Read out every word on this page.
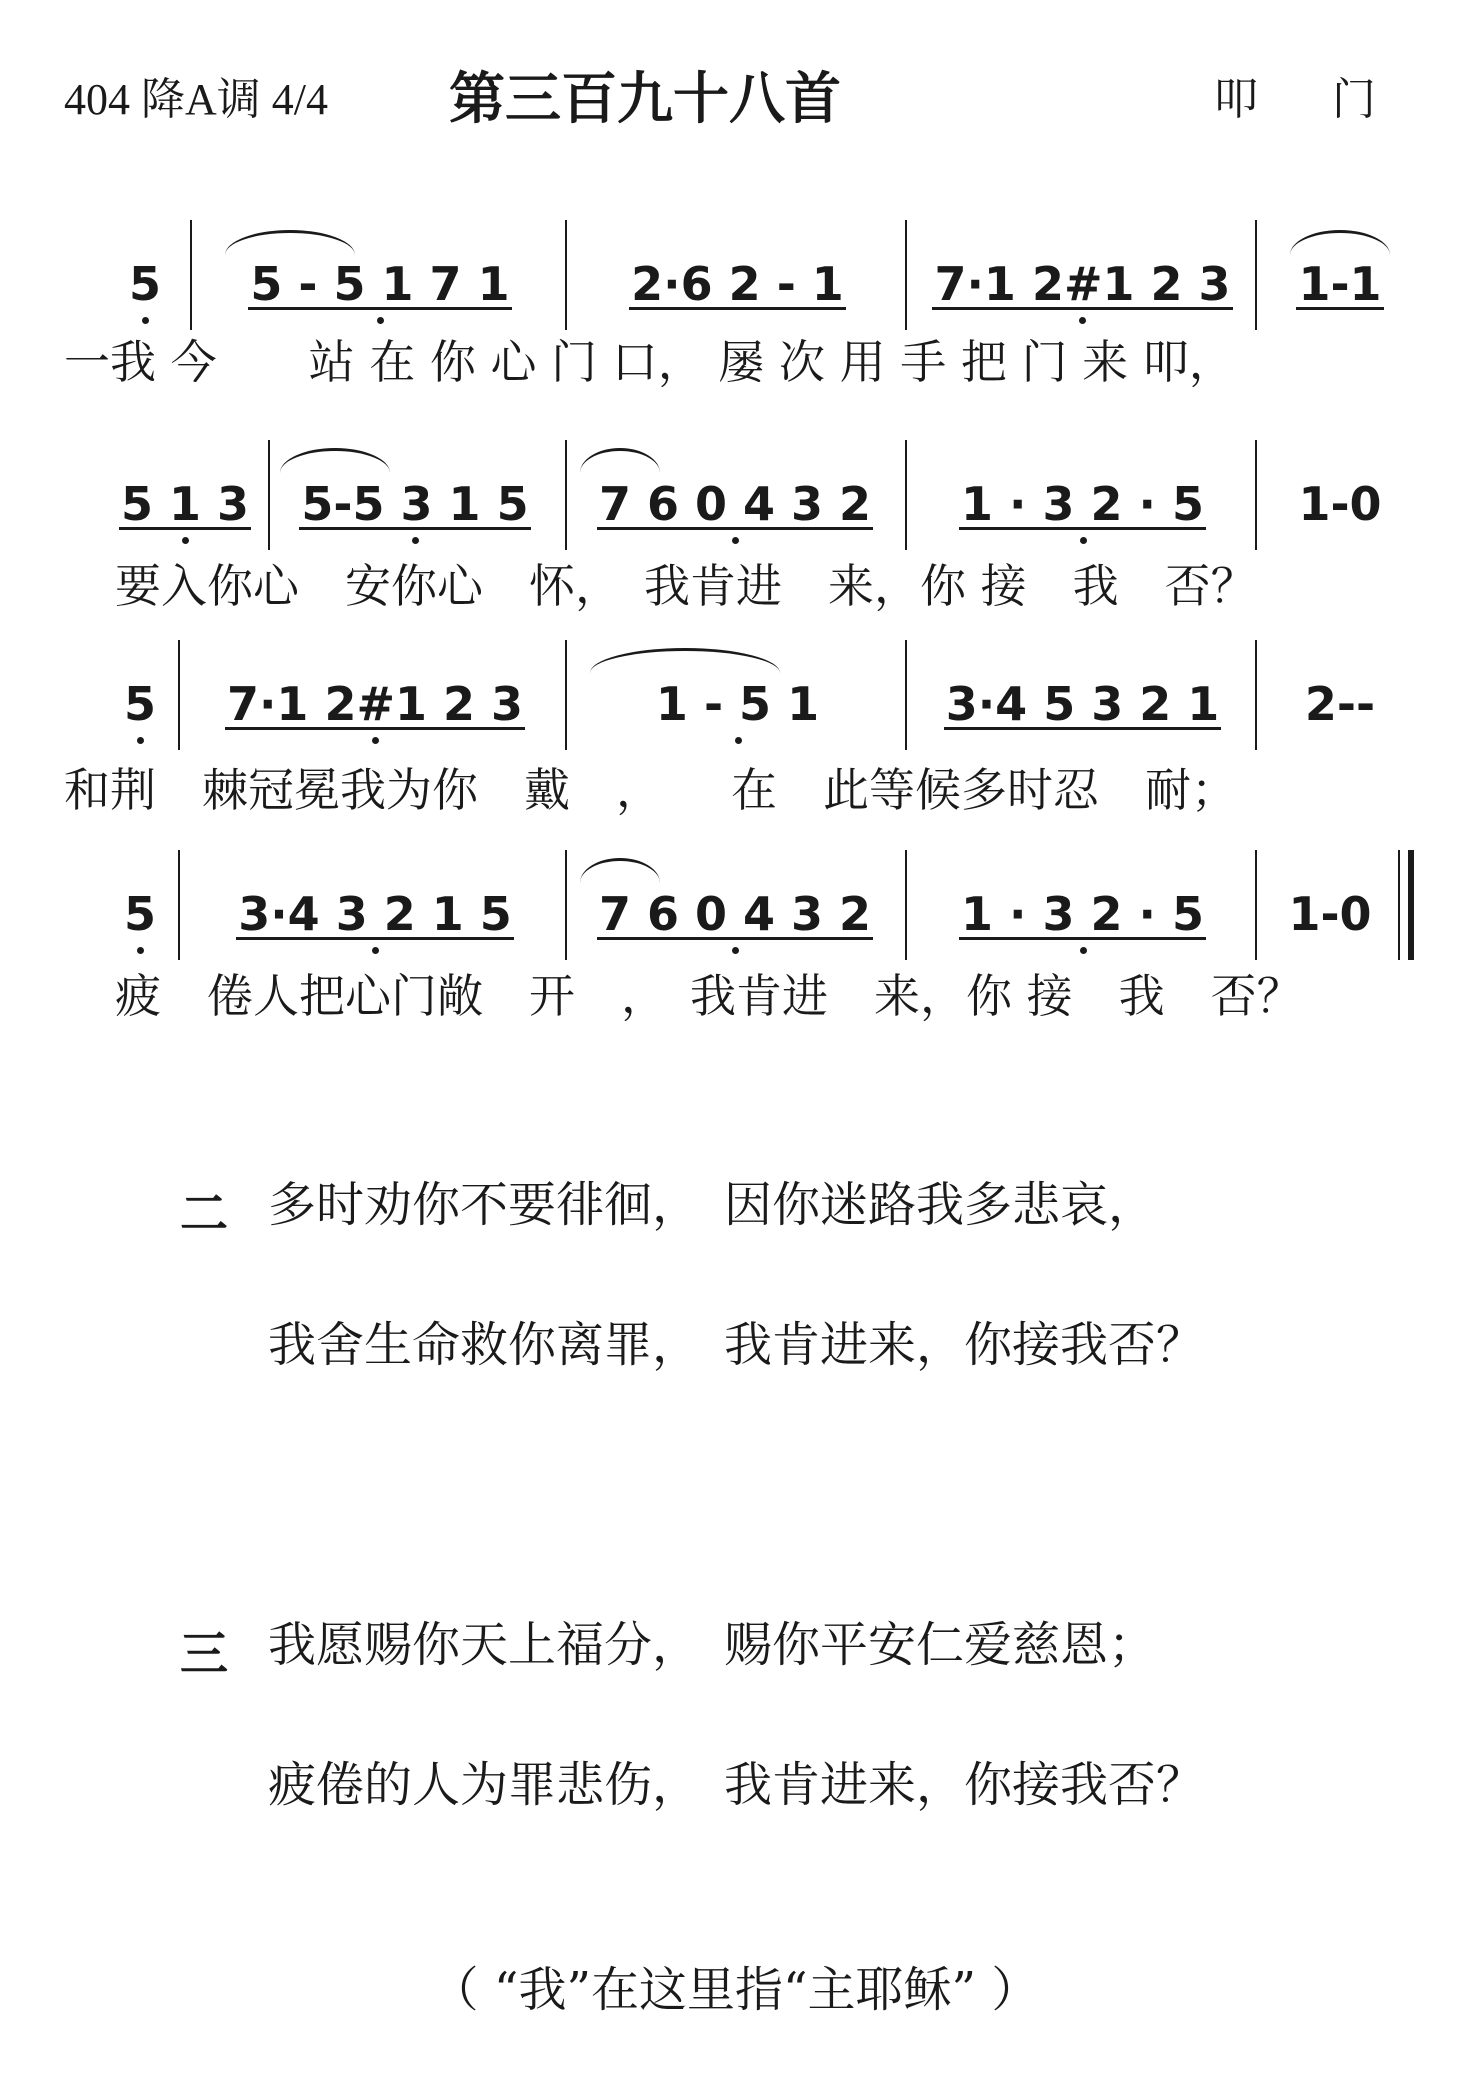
404 降A调 4/4	第三百九十八首	叩 门
5 5 - 5 1 7 1	2·6 2 - 1 7·1 2#1 2 3 1-1
一我 今　　站 在 你 心 门 口， 屡 次 用 手 把 门 来 叩，
5 1 3 5-5 3 1 5 7 6 0 4 3 2 1 · 3 2 · 5 1-0
要入你心　安你心　怀，　我肯进　来，你 接　我　否？
5 7·1 2#1 2 3	1 - 5 1	3·4 5 3 2 1 2--
和荆　棘冠冕我为你　戴　，　　在　此等候多时忍　耐；
5 3·4 3 2 1 5 7 6 0 4 3 2 1 · 3 2 · 5 1-0
疲　倦人把心门敞　开　，　我肯进　来，你 接　我　否？
二 多时劝你不要徘徊，　因你迷路我多悲哀，
我舍生命救你离罪，　我肯进来，你接我否？
三 我愿赐你天上福分，　赐你平安仁爱慈恩；
疲倦的人为罪悲伤，　我肯进来，你接我否？
（ “我”在这里指“主耶稣” ）
